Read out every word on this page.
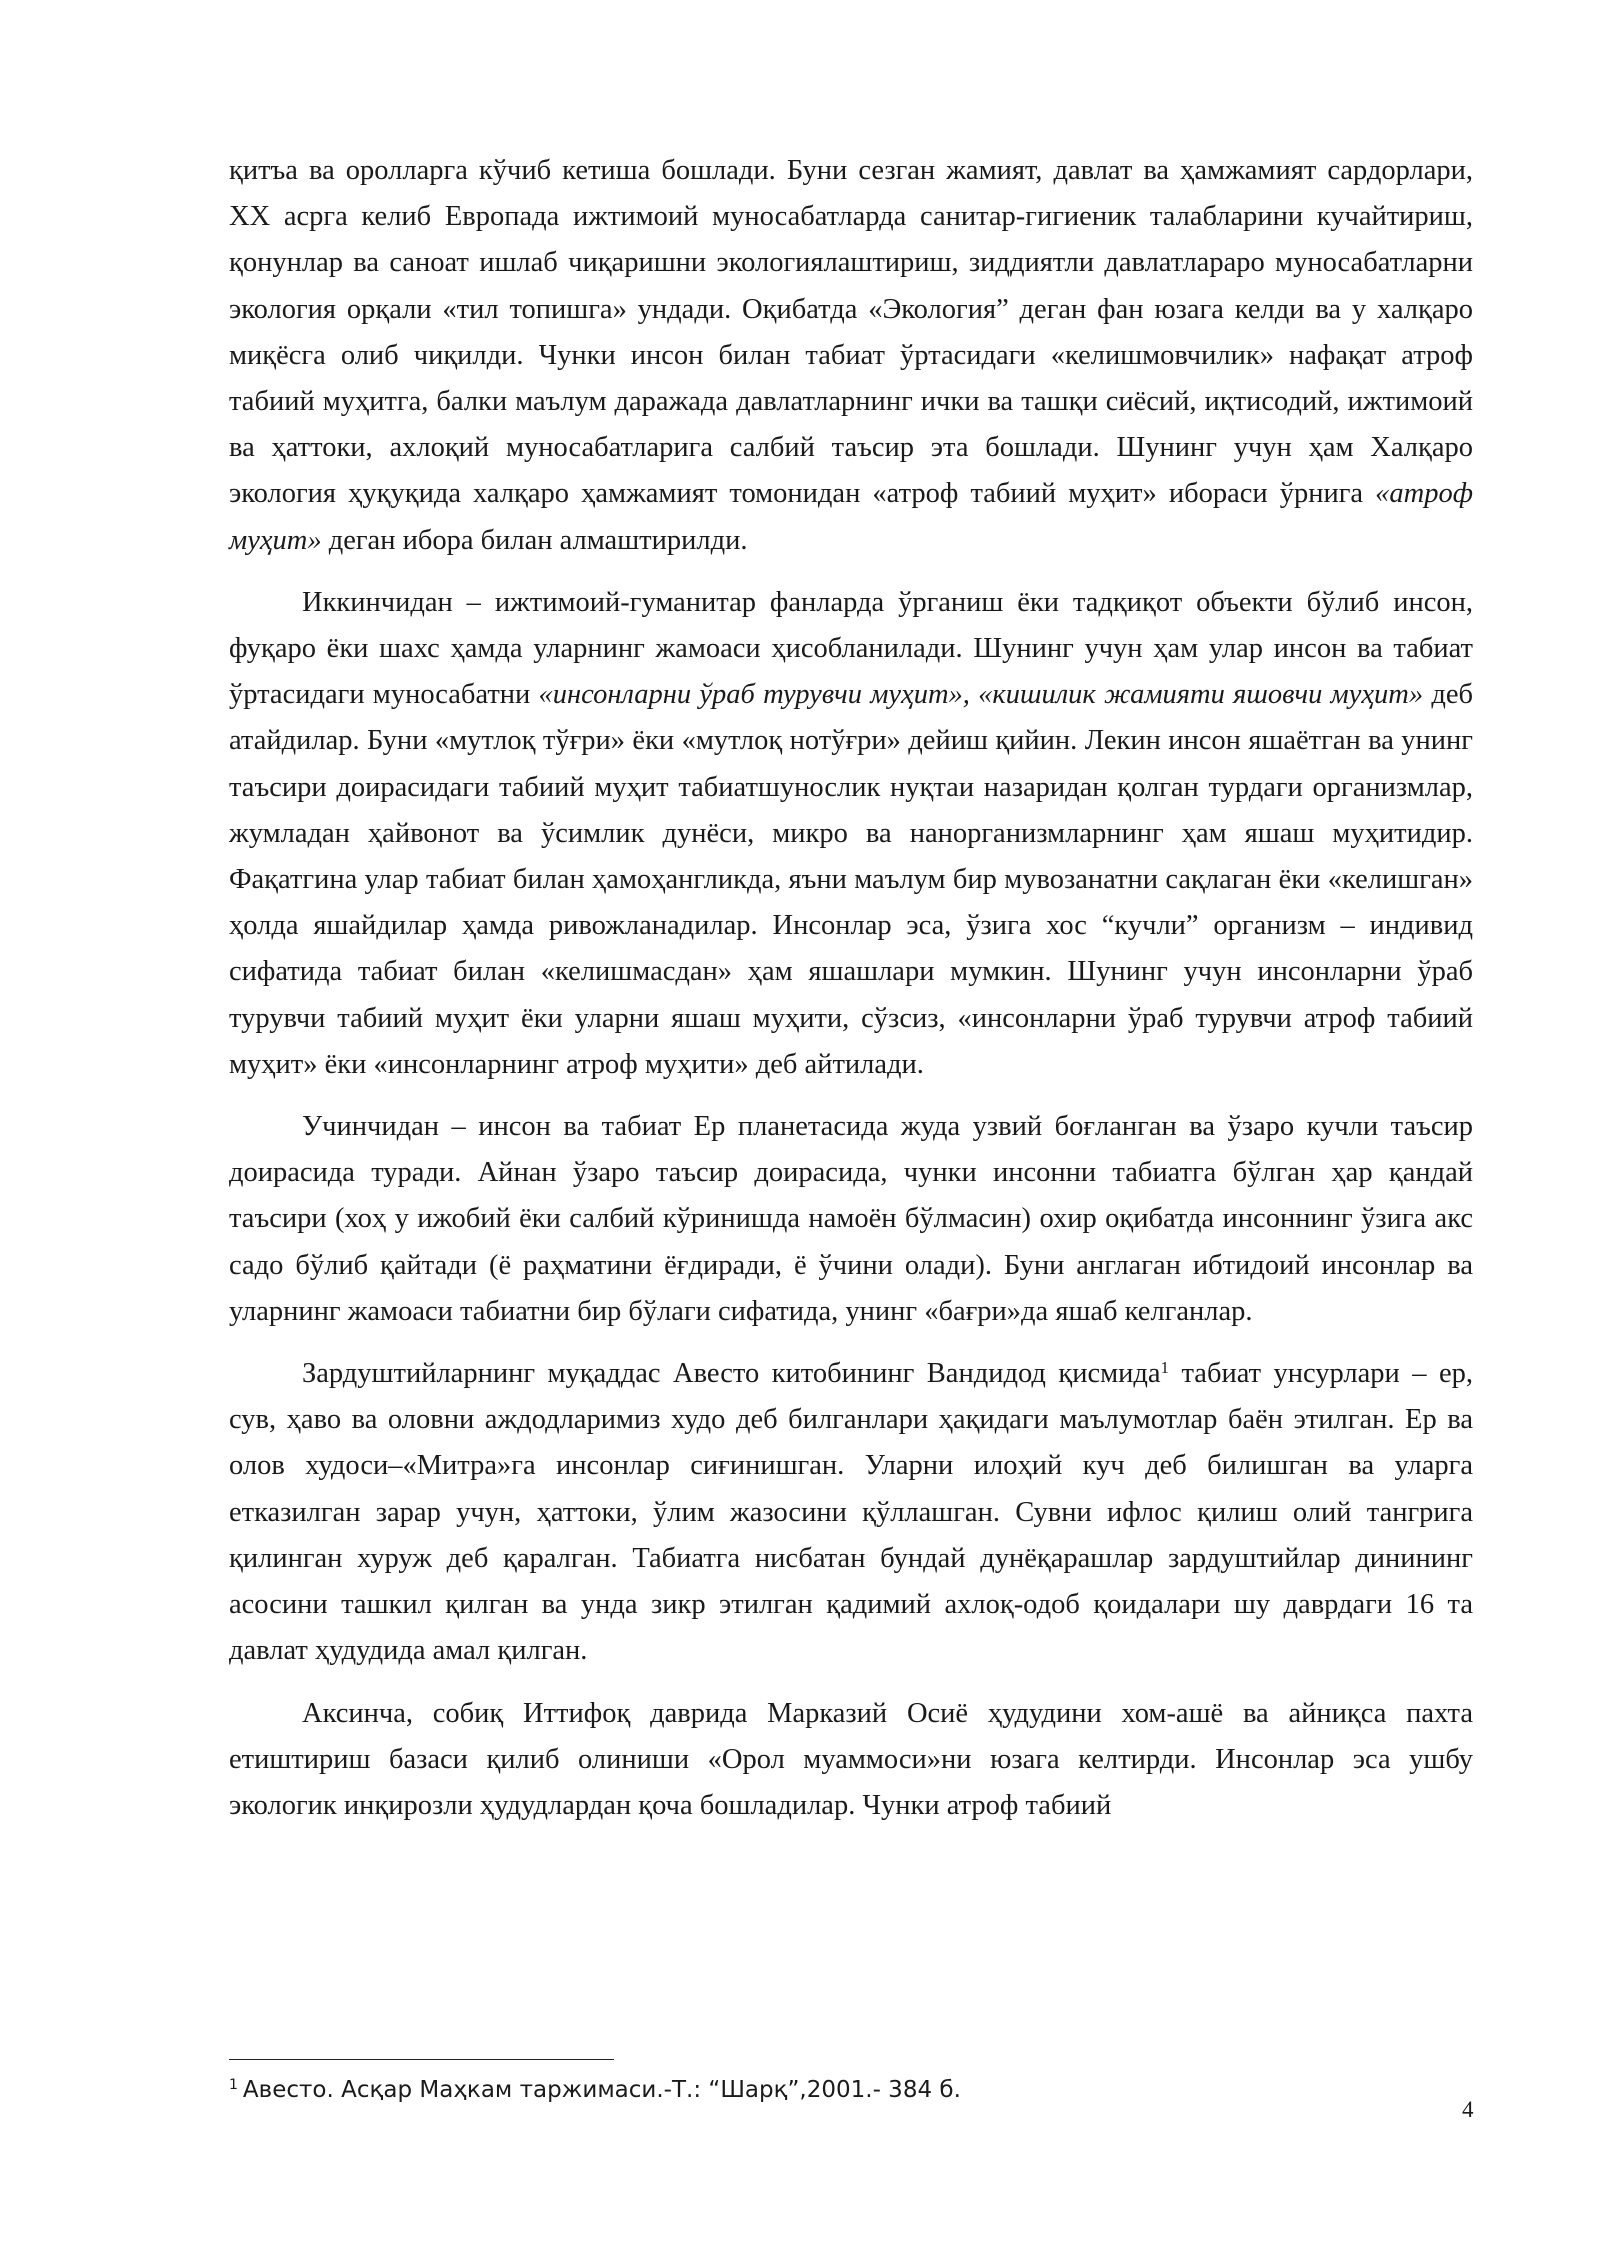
қитъа ва оролларга кўчиб кетиша бошлади. Буни сезган жамият, давлат ва ҳамжамият сардорлари, XX асрга келиб Европада ижтимоий муносабатларда санитар-гигиеник талабларини кучайтириш, қонунлар ва саноат ишлаб чиқаришни экологиялаштириш, зиддиятли давлатлараро муносабатларни экология орқали «тил топишга» ундади. Оқибатда «Экология” деган фан юзага келди ва у халқаро миқёсга олиб чиқилди. Чунки инсон билан табиат ўртасидаги «келишмовчилик» нафақат атроф табиий муҳитга, балки маълум даражада давлатларнинг ички ва ташқи сиёсий, иқтисодий, ижтимоий ва ҳаттоки, ахлоқий муносабатларига салбий таъсир эта бошлади. Шунинг учун ҳам Халқаро экология ҳуқуқида халқаро ҳамжамият томонидан «атроф табиий муҳит» ибораси ўрнига «атроф муҳит» деган ибора билан алмаштирилди.

Иккинчидан – ижтимоий-гуманитар фанларда ўрганиш ёки тадқиқот объекти бўлиб инсон, фуқаро ёки шахс ҳамда уларнинг жамоаси ҳисобланилади. Шунинг учун ҳам улар инсон ва табиат ўртасидаги муносабатни «инсонларни ўраб турувчи муҳит», «кишилик жамияти яшовчи муҳит» деб атайдилар. Буни «мутлоқ тўғри» ёки «мутлоқ нотўғри» дейиш қийин. Лекин инсон яшаётган ва унинг таъсири доирасидаги табиий муҳит табиатшунослик нуқтаи назаридан қолган турдаги организмлар, жумладан ҳайвонот ва ўсимлик дунёси, микро ва нанорганизмларнинг ҳам яшаш муҳитидир. Фақатгина улар табиат билан ҳамоҳангликда, яъни маълум бир мувозанатни сақлаган ёки «келишган» ҳолда яшайдилар ҳамда ривожланадилар. Инсонлар эса, ўзига хос “кучли” организм – индивид сифатида табиат билан «келишмасдан» ҳам яшашлари мумкин. Шунинг учун инсонларни ўраб турувчи табиий муҳит ёки уларни яшаш муҳити, сўзсиз, «инсонларни ўраб турувчи атроф табиий муҳит» ёки «инсонларнинг атроф муҳити» деб айтилади.

Учинчидан – инсон ва табиат Ер планетасида жуда узвий боғланган ва ўзаро кучли таъсир доирасида туради. Айнан ўзаро таъсир доирасида, чунки инсонни табиатга бўлган ҳар қандай таъсири (хоҳ у ижобий ёки салбий кўринишда намоён бўлмасин) охир оқибатда инсоннинг ўзига акс садо бўлиб қайтади (ё раҳматини ёғдиради, ё ўчини олади). Буни англаган ибтидоий инсонлар ва уларнинг жамоаси табиатни бир бўлаги сифатида, унинг «бағри»да яшаб келганлар.

Зардуштийларнинг муқаддас Авесто китобининг Вандидод қисмида$^1$ табиат унсурлари – ер, сув, ҳаво ва оловни аждодларимиз худо деб билганлари ҳақидаги маълумотлар баён этилган. Ер ва олов худоси–«Митра»га инсонлар сиғинишган. Уларни илоҳий куч деб билишган ва уларга етказилган зарар учун, ҳаттоки, ўлим жазосини қўллашган. Сувни ифлос қилиш олий тангрига қилинган хуруж деб қаралган. Табиатга нисбатан бундай дунёқарашлар зардуштийлар динининг асосини ташкил қилган ва унда зикр этилган қадимий ахлоқ-одоб қоидалари шу даврдаги 16 та давлат ҳудудида амал қилган.

Аксинча, собиқ Иттифоқ даврида Марказий Осиё ҳудудини хом-ашё ва айниқса пахта етиштириш базаси қилиб олиниши «Орол муаммоси»ни юзага келтирди. Инсонлар эса ушбу экологик инқирозли ҳудудлардан қоча бошладилар. Чунки атроф табиий

$^1$ Авесто. Асқар Маҳкам таржимаси.-Т.: “Шарқ”,2001.- 384 б.
4
